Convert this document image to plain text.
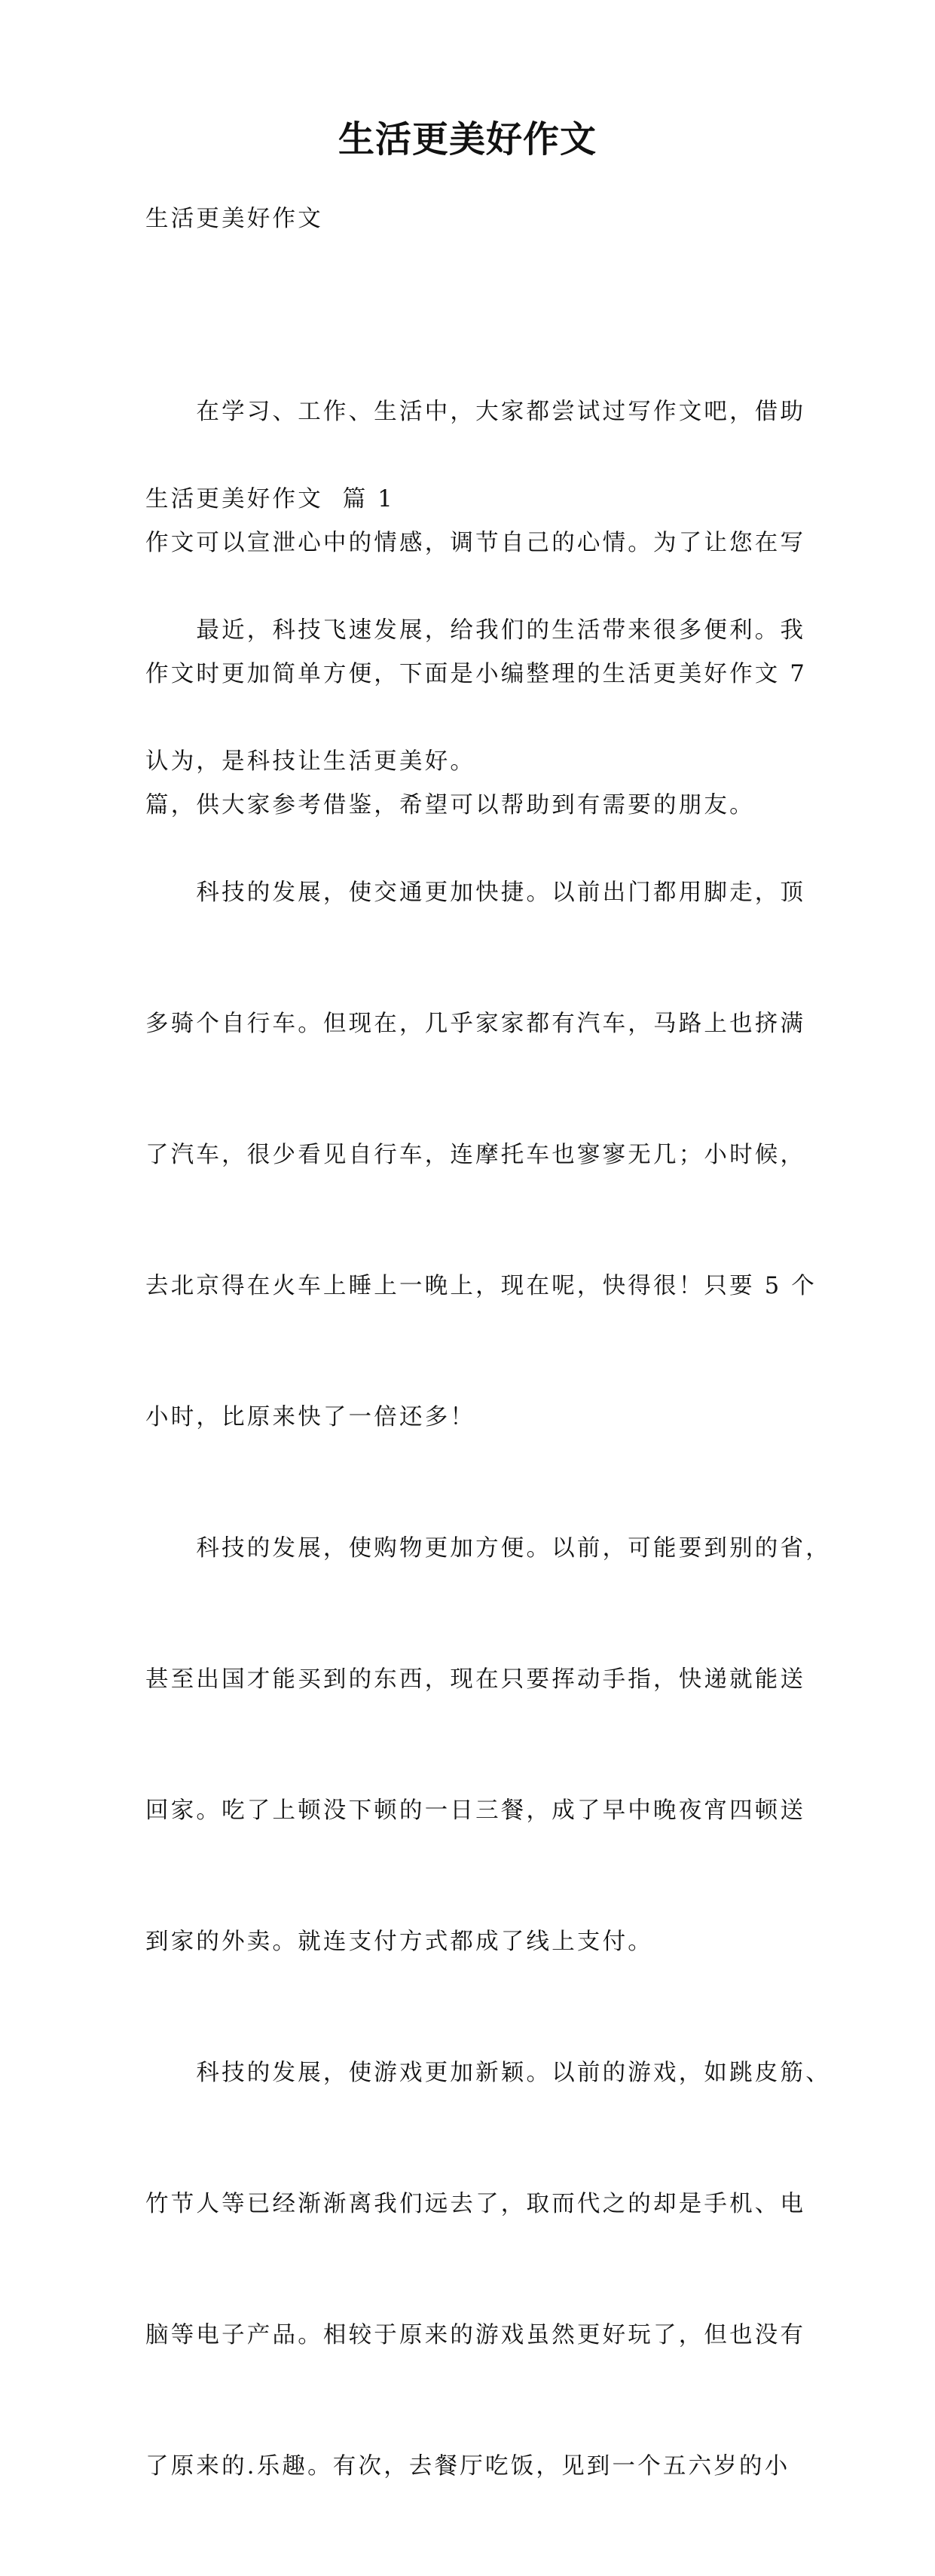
生活更美好作文
生活更美好作文

　　在学习、工作、生活中，大家都尝试过写作文吧，借助

作文可以宣泄心中的情感，调节自己的心情。为了让您在写

作文时更加简单方便，下面是小编整理的生活更美好作文 7

篇，供大家参考借鉴，希望可以帮助到有需要的朋友。

生活更美好作文  篇 1

　　最近，科技飞速发展，给我们的生活带来很多便利。我

认为，是科技让生活更美好。

　　科技的发展，使交通更加快捷。以前出门都用脚走，顶

多骑个自行车。但现在，几乎家家都有汽车，马路上也挤满

了汽车，很少看见自行车，连摩托车也寥寥无几；小时候，

去北京得在火车上睡上一晚上，现在呢，快得很！只要 5 个

小时，比原来快了一倍还多！

　　科技的发展，使购物更加方便。以前，可能要到别的省，

甚至出国才能买到的东西，现在只要挥动手指，快递就能送

回家。吃了上顿没下顿的一日三餐，成了早中晚夜宵四顿送

到家的外卖。就连支付方式都成了线上支付。

　　科技的发展，使游戏更加新颖。以前的游戏，如跳皮筋、

竹节人等已经渐渐离我们远去了，取而代之的却是手机、电

脑等电子产品。相较于原来的游戏虽然更好玩了，但也没有

了原来的.乐趣。有次，去餐厅吃饭，见到一个五六岁的小
